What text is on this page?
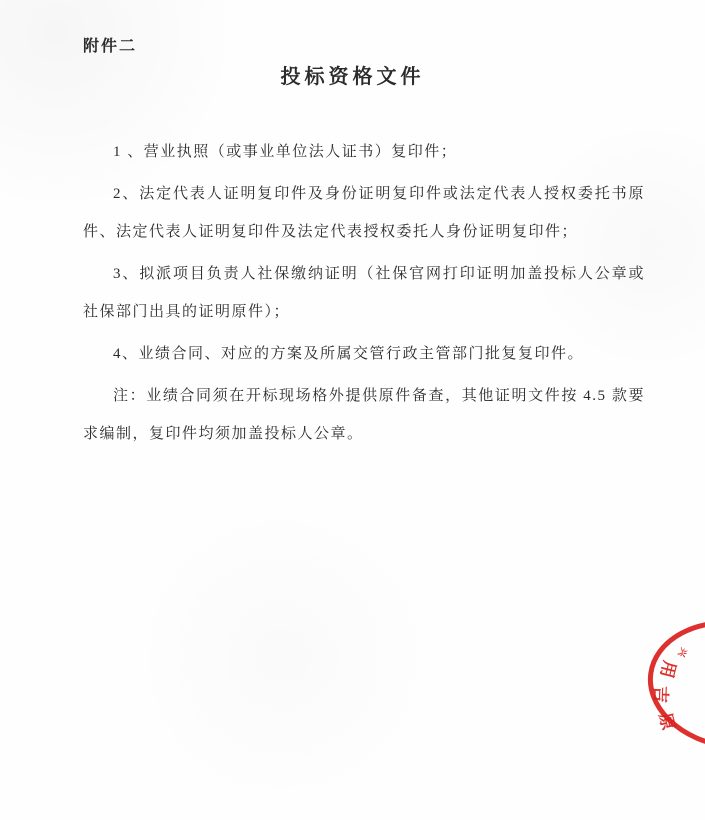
附件二
投标资格文件

1 、营业执照（或事业单位法人证书）复印件；

2、法定代表人证明复印件及身份证明复印件或法定代表人授权委托书原件、法定代表人证明复印件及法定代表授权委托人身份证明复印件；

3、拟派项目负责人社保缴纳证明（社保官网打印证明加盖投标人公章或社保部门出具的证明原件）；

4、业绩合同、对应的方案及所属交管行政主管部门批复复印件。

注：业绩合同须在开标现场格外提供原件备查，其他证明文件按 4.5 款要求编制，复印件均须加盖投标人公章。

兴
用
吉
原
